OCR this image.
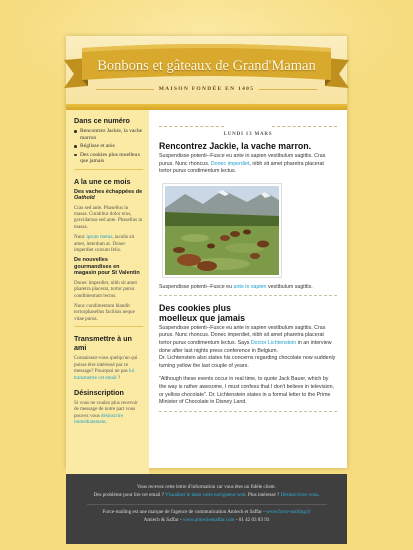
Bonbons et gâteaux de Grand'Maman
MAISON FONDÉE EN 1405
Dans ce numéro
Rencontrez Jackie, la vache marron
Réglisse et anis
Des cookies plus moelleux que jamais
A la une ce mois
Des vaches échappées de Oathold
Cras sed ante. Phasellus in massa. Curabitur dolor eros, gravidarsus sed ante. Phasellus in massa.
Nunc ipsum metus, iaculis sit amet, interdum at. Donec imperdiet cursum felis.
De nouvelles gourmandises en magasin pour St Valentin
Donec imperdiet, nibh sit amet pharetra placerat, tortor purus condimentum lectus.
Nunc condimentum blandit tortorphasellus facilisis neque vitae purus.
Transmettre à un ami
Connaissez-vous quelqu'un qui puisse être intéressé par ce message? Pourquoi ne pas lui transmettre cet email ?
Désinscription
Si vous ne voulez plus recevoir de message de notre part vous pouvez vous désinscrire immédiatement.
LUNDI 13 MARS
Rencontrez Jackie, la vache marron.
Suspendisse potenti--Fusce eu ante in sapien vestibulum sagittis. Cras purus. Nunc rhoncus. Donec imperdiet, nibh sit amet pharetra placerat tortor purus condimentum lectus.
Suspendisse potenti--Fusce eu ante in sapien vestibulum sagittis.
Des cookies plus moelleux que jamais
Suspendisse potenti--Fusce eu ante in sapien vestibulum sagittis. Cras purus. Nunc rhoncus. Donec imperdiet, nibh sit amet pharetra placerat tortor purus condimentum lectus. Says Doctor Lichtenstein in an interview done after last nights press conference in Belgium.
Dr. Lichtenstein also states his concerns regarding chocolate now suddenly turning yellow the last couple of years.
"Although these events occur in real time, to quote Jack Bauer, which by the way is rather awesome, I must confess that I don't believe in television, or yellow chocolate". Dr. Lichtenstein states in a formal letter to the Prime Minister of Chocolate in Disney Land.
Vous recevez cette lettre d'information car vous êtes un fidèle client.
Des problème pour lire cet email ? Visualiser le dans votre navigateur web. Plus intéressé ? Désinscrivez-vous.
Force-mailing est une marque de l'agence de communication Amiech et Saffar - www.force-mailing.fr
Amiech & Saffar - www.amiechetsaffar.com - 01 42 03 83 93
